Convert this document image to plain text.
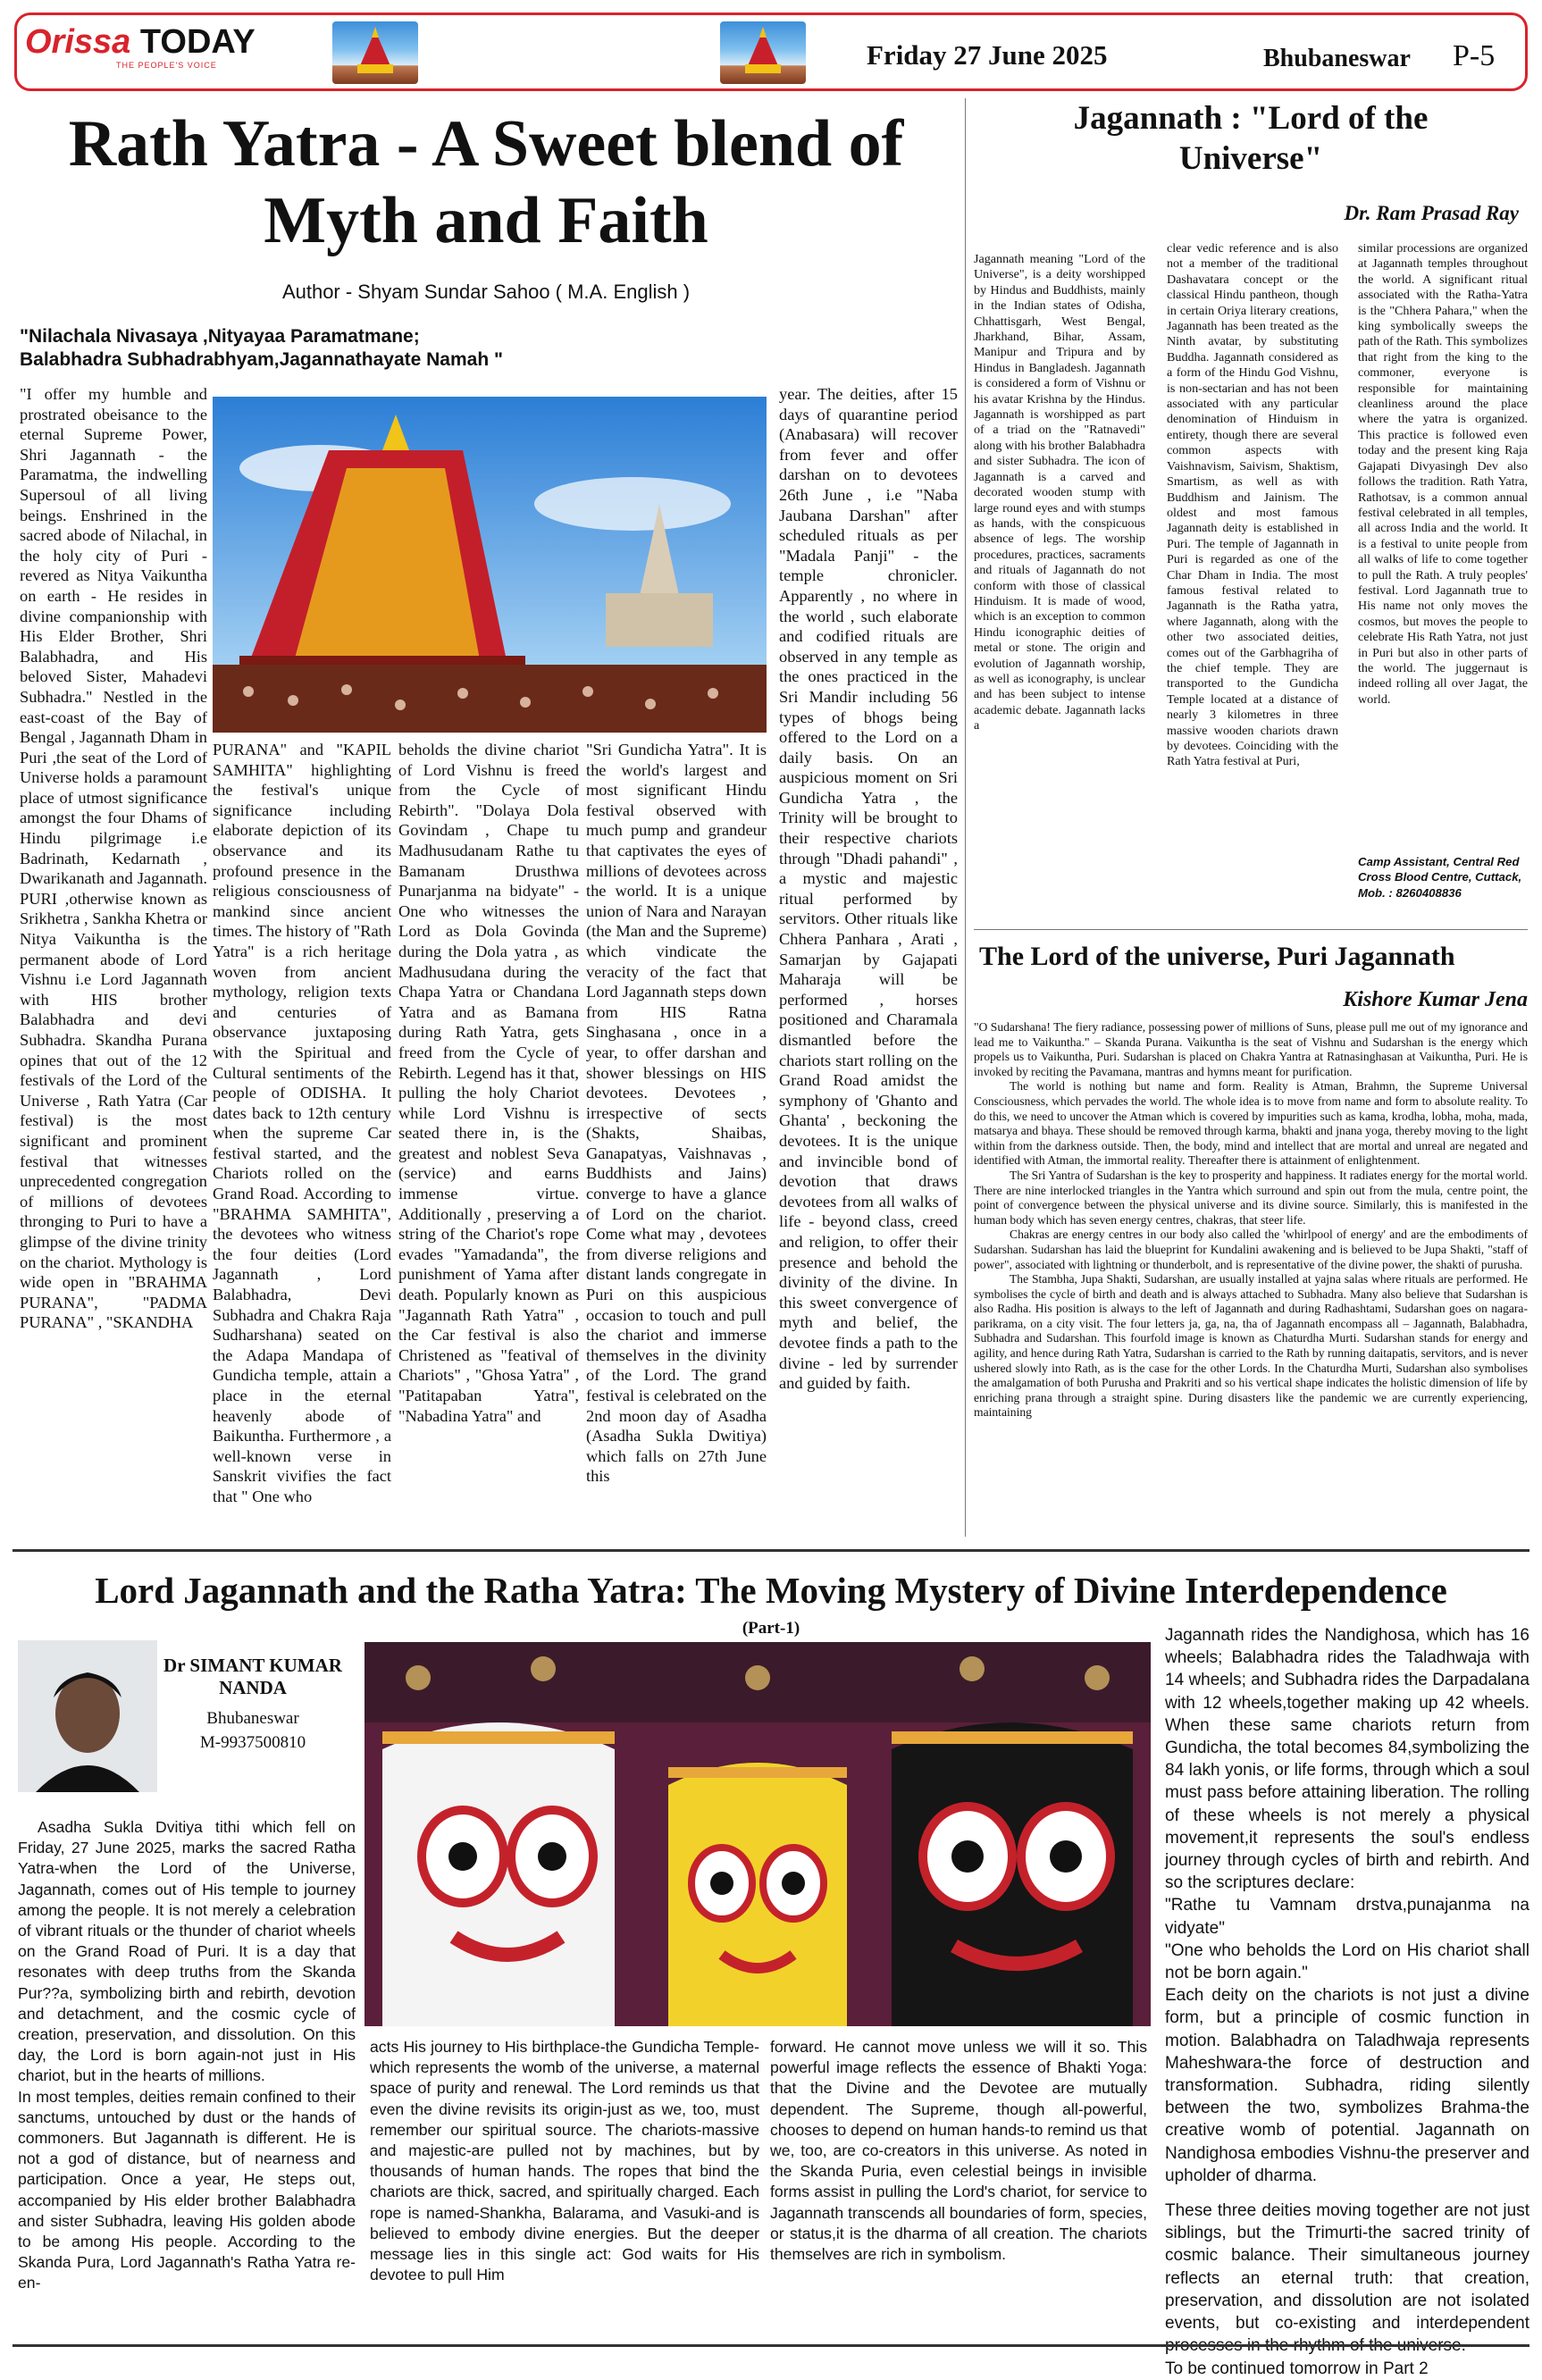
Orissa TODAY
THE PEOPLE'S VOICE	Friday 27 June 2025	Bhubaneswar P-5
Rath Yatra - A Sweet blend of
Myth and Faith
Author - Shyam Sundar Sahoo ( M.A. English )
"Nilachala Nivasaya ,Nityayaa Paramatmane;
Balabhadra Subhadrabhyam,Jagannathayate Namah "
"I offer my humble and prostrated obeisance to the eternal Supreme Power, Shri Jagannath - the Paramatma, the indwelling Supersoul of all living beings. Enshrined in the sacred abode of Nilachal, in the holy city of Puri - revered as Nitya Vaikuntha on earth - He resides in divine companionship with His Elder Brother, Shri Balabhadra, and His beloved Sister, Mahadevi Subhadra." Nestled in the east-coast of the Bay of Bengal , Jagannath Dham in Puri ,the seat of the Lord of Universe holds a paramount place of utmost significance amongst the four Dhams of Hindu pilgrimage i.e Badrinath, Kedarnath , Dwarikanath and Jagannath. PURI ,otherwise known as Srikhetra , Sankha Khetra or Nitya Vaikuntha is the permanent abode of Lord Vishnu i.e Lord Jagannath with HIS brother Balabhadra and devi Subhadra. Skandha Purana opines that out of the 12 festivals of the Lord of the Universe , Rath Yatra (Car festival) is the most significant and prominent festival that witnesses unprecedented congregation of millions of devotees thronging to Puri to have a glimpse of the divine trinity on the chariot. Mythology is wide open in "BRAHMA PURANA", "PADMA PURANA" , "SKANDHA
PURANA" and "KAPIL SAMHITA" highlighting the festival's unique significance including elaborate depiction of its observance and its profound presence in the religious consciousness of mankind since ancient times. The history of "Rath Yatra" is a rich heritage woven from ancient mythology, religion texts and centuries of observance juxtaposing with the Spiritual and Cultural sentiments of the people of ODISHA. It dates back to 12th century when the supreme Car festival started, and the Chariots rolled on the Grand Road. According to "BRAHMA SAMHITA", the devotees who witness the four deities (Lord Jagannath , Lord Balabhadra, Devi Subhadra and Chakra Raja Sudharshana) seated on the Adapa Mandapa of Gundicha temple, attain a place in the eternal heavenly abode of Baikuntha. Furthermore , a well-known verse in Sanskrit vivifies the fact that " One who
beholds the divine chariot of Lord Vishnu is freed from the Cycle of Rebirth". "Dolaya Dola Govindam , Chape tu Madhusudanam Rathe tu Bamanam Drusthwa Punarjanma na bidyate" - One who witnesses the Lord as Dola Govinda during the Dola yatra , as Madhusudana during the Chapa Yatra or Chandana Yatra and as Bamana during Rath Yatra, gets freed from the Cycle of Rebirth. Legend has it that, pulling the holy Chariot while Lord Vishnu is seated there in, is the greatest and noblest Seva (service) and earns immense virtue. Additionally , preserving a string of the Chariot's rope evades "Yamadanda", the punishment of Yama after death. Popularly known as "Jagannath Rath Yatra" , the Car festival is also Christened as "featival of Chariots" , "Ghosa Yatra" , "Patitapaban Yatra", "Nabadina Yatra" and
"Sri Gundicha Yatra". It is the world's largest and most significant Hindu festival observed with much pump and grandeur that captivates the eyes of millions of devotees across the world. It is a unique union of Nara and Narayan (the Man and the Supreme) which vindicate the veracity of the fact that Lord Jagannath steps down from HIS Ratna Singhasana , once in a year, to offer darshan and shower blessings on HIS devotees. Devotees , irrespective of sects (Shakts, Shaibas, Ganapatyas, Vaishnavas , Buddhists and Jains) converge to have a glance of Lord on the chariot. Come what may , devotees from diverse religions and distant lands congregate in Puri on this auspicious occasion to touch and pull the chariot and immerse themselves in the divinity of the Lord. The grand festival is celebrated on the 2nd moon day of Asadha (Asadha Sukla Dwitiya) which falls on 27th June this
year. The deities, after 15 days of quarantine period (Anabasara) will recover from fever and offer darshan on to devotees 26th June , i.e "Naba Jaubana Darshan" after scheduled rituals as per "Madala Panji" - the temple chronicler. Apparently , no where in the world , such elaborate and codified rituals are observed in any temple as the ones practiced in the Sri Mandir including 56 types of bhogs being offered to the Lord on a daily basis. On an auspicious moment on Sri Gundicha Yatra , the Trinity will be brought to their respective chariots through "Dhadi pahandi" , a mystic and majestic ritual performed by servitors. Other rituals like Chhera Panhara , Arati , Samarjan by Gajapati Maharaja will be performed , horses positioned and Charamala dismantled before the chariots start rolling on the Grand Road amidst the symphony of 'Ghanto and Ghanta' , beckoning the devotees. It is the unique and invincible bond of devotion that draws devotees from all walks of life - beyond class, creed and religion, to offer their presence and behold the divinity of the divine. In this sweet convergence of myth and belief, the devotee finds a path to the divine - led by surrender and guided by faith.
Jagannath : "Lord of the
Universe"
Dr. Ram Prasad Ray
Jagannath meaning "Lord of the Universe", is a deity worshipped by Hindus and Buddhists, mainly in the Indian states of Odisha, Chhattisgarh, West Bengal, Jharkhand, Bihar, Assam, Manipur and Tripura and by Hindus in Bangladesh. Jagannath is considered a form of Vishnu or his avatar Krishna by the Hindus. Jagannath is worshipped as part of a triad on the "Ratnavedi" along with his brother Balabhadra and sister Subhadra. The icon of Jagannath is a carved and decorated wooden stump with large round eyes and with stumps as hands, with the conspicuous absence of legs. The worship procedures, practices, sacraments and rituals of Jagannath do not conform with those of classical Hinduism. It is made of wood, which is an exception to common Hindu iconographic deities of metal or stone. The origin and evolution of Jagannath worship, as well as iconography, is unclear and has been subject to intense academic debate. Jagannath lacks a
clear vedic reference and is also not a member of the traditional Dashavatara concept or the classical Hindu pantheon, though in certain Oriya literary creations, Jagannath has been treated as the Ninth avatar, by substituting Buddha. Jagannath considered as a form of the Hindu God Vishnu, is non-sectarian and has not been associated with any particular denomination of Hinduism in entirety, though there are several common aspects with Vaishnavism, Saivism, Shaktism, Smartism, as well as with Buddhism and Jainism. The oldest and most famous Jagannath deity is established in Puri. The temple of Jagannath in Puri is regarded as one of the Char Dham in India. The most famous festival related to Jagannath is the Ratha yatra, where Jagannath, along with the other two associated deities, comes out of the Garbhagriha of the chief temple. They are transported to the Gundicha Temple located at a distance of nearly 3 kilometres in three massive wooden chariots drawn by devotees. Coinciding with the Rath Yatra festival at Puri,
similar processions are organized at Jagannath temples throughout the world. A significant ritual associated with the Ratha-Yatra is the "Chhera Pahara," when the king symbolically sweeps the path of the Rath. This symbolizes that right from the king to the commoner, everyone is responsible for maintaining cleanliness around the place where the yatra is organized. This practice is followed even today and the present king Raja Gajapati Divyasingh Dev also follows the tradition. Rath Yatra, Rathotsav, is a common annual festival celebrated in all temples, all across India and the world. It is a festival to unite people from all walks of life to come together to pull the Rath. A truly peoples' festival. Lord Jagannath true to His name not only moves the cosmos, but moves the people to celebrate His Rath Yatra, not just in Puri but also in other parts of the world. The juggernaut is indeed rolling all over Jagat, the world.
Camp Assistant, Central Red Cross Blood Centre, Cuttack, Mob. : 8260408836
The Lord of the universe, Puri Jagannath
Kishore Kumar Jena

"O Sudarshana! The fiery radiance, possessing power of millions of Suns, please pull me out of my ignorance and lead me to Vaikuntha." – Skanda Purana. Vaikuntha is the seat of Vishnu and Sudarshan is the energy which propels us to Vaikuntha, Puri. Sudarshan is placed on Chakra Yantra at Ratnasinghasan at Vaikuntha, Puri. He is invoked by reciting the Pavamana, mantras and hymns meant for purification.

The world is nothing but name and form. Reality is Atman, Brahmn, the Supreme Universal Consciousness, which pervades the world. The whole idea is to move from name and form to absolute reality. To do this, we need to uncover the Atman which is covered by impurities such as kama, krodha, lobha, moha, mada, matsarya and bhaya. These should be removed through karma, bhakti and jnana yoga, thereby moving to the light within from the darkness outside. Then, the body, mind and intellect that are mortal and unreal are negated and identified with Atman, the immortal reality. Thereafter there is attainment of enlightenment.

The Sri Yantra of Sudarshan is the key to prosperity and happiness. It radiates energy for the mortal world. There are nine interlocked triangles in the Yantra which surround and spin out from the mula, centre point, the point of convergence between the physical universe and its divine source. Similarly, this is manifested in the human body which has seven energy centres, chakras, that steer life.

Chakras are energy centres in our body also called the 'whirlpool of energy' and are the embodiments of Sudarshan. Sudarshan has laid the blueprint for Kundalini awakening and is believed to be Jupa Shakti, "staff of power", associated with lightning or thunderbolt, and is representative of the divine power, the shakti of purusha.

The Stambha, Jupa Shakti, Sudarshan, are usually installed at yajna salas where rituals are performed. He symbolises the cycle of birth and death and is always attached to Subhadra. Many also believe that Sudarshan is also Radha. His position is always to the left of Jagannath and during Radhashtami, Sudarshan goes on nagara-parikrama, on a city visit. The four letters ja, ga, na, tha of Jagannath encompass all – Jagannath, Balabhadra, Subhadra and Sudarshan. This fourfold image is known as Chaturdha Murti. Sudarshan stands for energy and agility, and hence during Rath Yatra, Sudarshan is carried to the Rath by running daitapatis, servitors, and is never ushered slowly into Rath, as is the case for the other Lords. In the Chaturdha Murti, Sudarshan also symbolises the amalgamation of both Purusha and Prakriti and so his vertical shape indicates the holistic dimension of life by enriching prana through a straight spine. During disasters like the pandemic we are currently experiencing, maintaining

Lord Jagannath and the Ratha Yatra: The Moving Mystery of Divine Interdependence
(Part-1)
Dr SIMANT KUMAR
NANDA
Bhubaneswar
M-9937500810

Asadha Sukla Dvitiya tithi which fell on Friday, 27 June 2025, marks the sacred Ratha Yatra-when the Lord of the Universe, Jagannath, comes out of His temple to journey among the people. It is not merely a celebration of vibrant rituals or the thunder of chariot wheels on the Grand Road of Puri. It is a day that resonates with deep truths from the Skanda Pur??a, symbolizing birth and rebirth, devotion and detachment, and the cosmic cycle of creation, preservation, and dissolution. On this day, the Lord is born again-not just in His chariot, but in the hearts of millions.

In most temples, deities remain confined to their sanctums, untouched by dust or the hands of commoners. But Jagannath is different. He is not a god of distance, but of nearness and participation. Once a year, He steps out, accompanied by His elder brother Balabhadra and sister Subhadra, leaving His golden abode to be among His people. According to the Skanda Pura, Lord Jagannath's Ratha Yatra re-en-

acts His journey to His birthplace-the Gundicha Temple-which represents the womb of the universe, a maternal space of purity and renewal. The Lord reminds us that even the divine revisits its origin-just as we, too, must remember our spiritual source. The chariots-massive and majestic-are pulled not by machines, but by thousands of human hands. The ropes that bind the chariots are thick, sacred, and spiritually charged. Each rope is named-Shankha, Balarama, and Vasuki-and is believed to embody divine energies. But the deeper message lies in this single act: God waits for His devotee to pull Him
forward. He cannot move unless we will it so. This powerful image reflects the essence of Bhakti Yoga: that the Divine and the Devotee are mutually dependent. The Supreme, though all-powerful, chooses to depend on human hands-to remind us that we, too, are co-creators in this universe. As noted in the Skanda Puria, even celestial beings in invisible forms assist in pulling the Lord's chariot, for service to Jagannath transcends all boundaries of form, species, or status,it is the dharma of all creation. The chariots themselves are rich in symbolism.

Jagannath rides the Nandighosa, which has 16 wheels; Balabhadra rides the Taladhwaja with 14 wheels; and Subhadra rides the Darpadalana with 12 wheels,together making up 42 wheels. When these same chariots return from Gundicha, the total becomes 84,symbolizing the 84 lakh yonis, or life forms, through which a soul must pass before attaining liberation. The rolling of these wheels is not merely a physical movement,it represents the soul's endless journey through cycles of birth and rebirth. And so the scriptures declare:

"Rathe tu Vamnam drstva,punajanma na vidyate"

"One who beholds the Lord on His chariot shall not be born again."

Each deity on the chariots is not just a divine form, but a principle of cosmic function in motion. Balabhadra on Taladhwaja represents Maheshwara-the force of destruction and transformation. Subhadra, riding silently between the two, symbolizes Brahma-the creative womb of potential. Jagannath on Nandighosa embodies Vishnu-the preserver and upholder of dharma.

These three deities moving together are not just siblings, but the Trimurti-the sacred trinity of cosmic balance. Their simultaneous journey reflects an eternal truth: that creation, preservation, and dissolution are not isolated events, but co-existing and interdependent

To be continued tomorrow in Part 2
